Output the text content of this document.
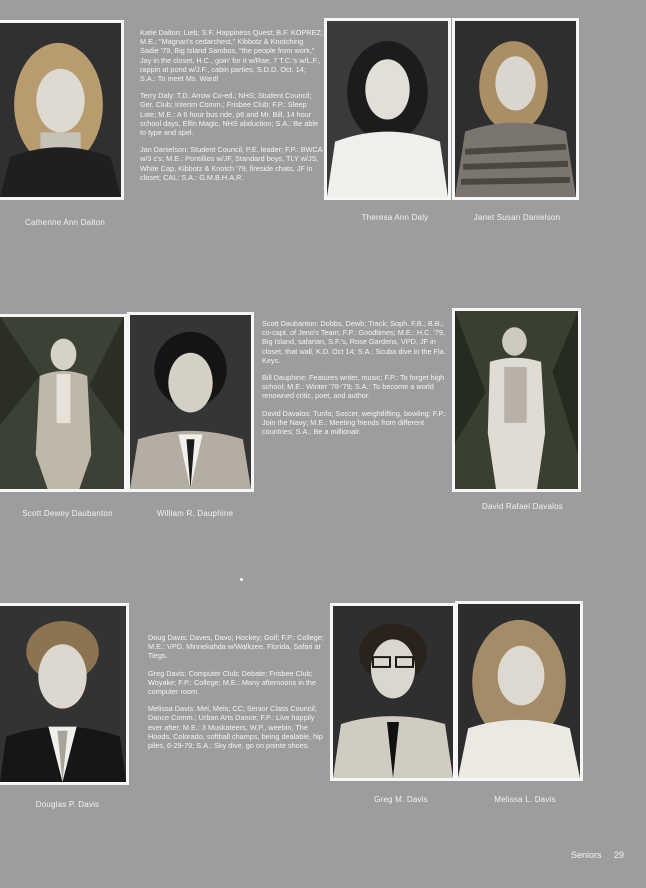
Catherine Ann Dalton

Katie Dalton: Lieb; S.F. Happiness Quest; B.F. KOPREZ; M.E.: "Magnan's cedarchest," Kibbotz & Knotching Sadie '79, Big Island Sambos, "the people from work," Jay in the closet, H.C., goin' for it w/Rae, 7 T.C.'s w/L.F., rappin at pond w/J.F., cabin parties, S.D.D. Oct. 14; S.A.: To meet Ms. Ward!

Terry Daly: T.D. Arrow Co-ed.; NHS; Student Council; Ger. Club; Interim Comm.; Frisbee Club; F.P.: Sleep Late; M.E.: A 6 hour bus ride, p6 and Mr. Bill, 14 hour school days, Elfin Magic, NHS abduction; S.A.: Be able to type and spel.

Jan Danielson: Student Council; P.E. leader; F.P.: BWCA w/3 c's; M.E.: Pontillios w/JF, Standard boys, TLY w/JS, White Cap, Kibbotz & Knotch '79, fireside chats, JF in closet; CAL; S.A.: G.M.B.H.A.R.

Theresa Ann Daly	Janet Susan Danielson
Scott Dewey Daubanton	William R. Dauphine

Scott Daubanton: Dobbs, Dewb; Track; Soph. F.B.; B.B.; co-capt. of Jeno's Team; F.P.: Goodtimes; M.E.: H.C. '79, Big Island, safarian, S.F.'s, Rose Gardens, VPD, JF in closet, that wall, K.D. Oct 14; S.A.: Scuba dive in the Fla. Keys.

Bill Dauphine: Features writer, music; F.P.: To forget high school; M.E.: Winter '78-'79; S.A.: To become a world renowned critic, poet, and author.

David Davalos: Tunfa; Soccer, weightlifting, bowling; F.P.: Join the Navy; M.E.: Meeting friends from different countries; S.A.: Be a millionair.

David Rafael Davalos
Douglas P. Davis

Doug Davis: Daves, Davo; Hockey; Golf; F.P.: College; M.E.: VPD, Minnekahda w/Walkzee, Florida, Safari at Tiegs.

Greg Davis: Computer Club; Debate; Frisbee Club; Woyake; F.P.: College; M.E.: Many afternoons in the computer room.

Melissa Davis: Mel, Mels; CC; Senior Class Council; Dance Comm.; Urban Arts Dance; F.P.: Live happily ever after; M.E.: 3 Muskateers, W.P., weebin, The Hoods, Colorado, softball champs, being dealable, hip piles, 6-29-79; S.A.: Sky dive, go on pointe shoes.

Greg M. Davis	Melissa L. Davis
Seniors 29
